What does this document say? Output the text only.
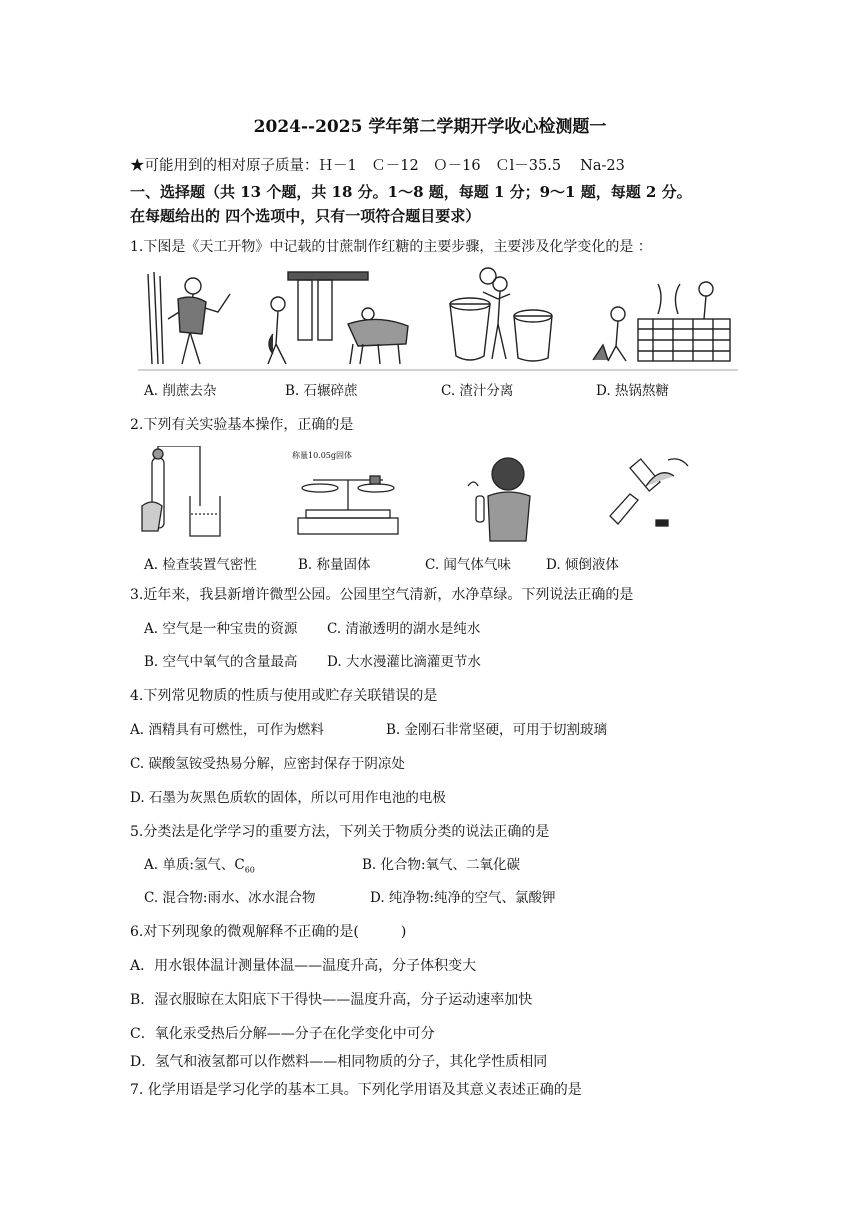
2024--2025 学年第二学期开学收心检测题一
★可能用到的相对原子质量：Ｈ－1　Ｃ－12　Ｏ－16　Ｃl－35.5　 Na-23
一、选择题（共 13 个题，共 18 分。1～8 题，每题 1 分；9～1 题，每题 2 分。
在每题给出的 四个选项中，只有一项符合题目要求）
1.下图是《天工开物》中记载的甘蔗制作红糖的主要步骤，主要涉及化学变化的是 ：
A. 削蔗去杂	B. 石辗碎蔗	C. 渣汁分离	D. 热锅熬糖
2.下列有关实验基本操作，正确的是
称量10.05g固体
A. 检查装置气密性	B. 称量固体	C. 闻气体气味	D. 倾倒液体
3.近年来，我县新增许微型公园。公园里空气清新，水净草绿。下列说法正确的是
A. 空气是一种宝贵的资源 C. 清澈透明的湖水是纯水
B. 空气中氧气的含量最高 D. 大水漫灌比滴灌更节水
4.下列常见物质的性质与使用或贮存关联错误的是
A. 酒精具有可燃性，可作为燃料	B. 金刚石非常坚硬，可用于切割玻璃
C. 碳酸氢铵受热易分解，应密封保存于阴凉处
D. 石墨为灰黑色质软的固体，所以可用作电池的电极
5.分类法是化学学习的重要方法，下列关于物质分类的说法正确的是
A. 单质:氢气、$C_{60}$	B. 化合物:氧气、二氧化碳
C. 混合物:雨水、冰水混合物	D. 纯净物:纯净的空气、氯酸钾
6.对下列现象的微观解释不正确的是(　　　)
A．用水银体温计测量体温——温度升高，分子体积变大
B．湿衣服晾在太阳底下干得快——温度升高，分子运动速率加快
C．氧化汞受热后分解——分子在化学变化中可分
D．氢气和液氢都可以作燃料——相同物质的分子，其化学性质相同
7. 化学用语是学习化学的基本工具。下列化学用语及其意义表述正确的是
